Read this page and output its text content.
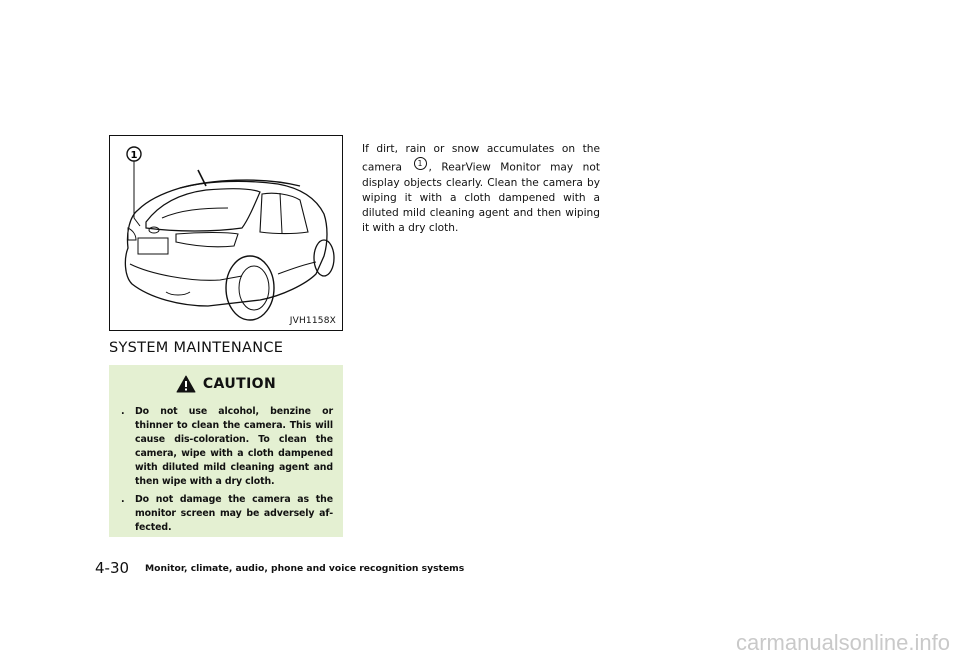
1
JVH1158X
SYSTEM MAINTENANCE
CAUTION
. Do not use alcohol, benzine or thinner to clean the camera. This will cause dis-coloration. To clean the camera, wipe with a cloth dampened with diluted mild cleaning agent and then wipe with a dry cloth.
. Do not damage the camera as the monitor screen may be adversely af-fected.

If dirt, rain or snow accumulates on the camera 1 , RearView Monitor may not display objects clearly. Clean the camera by wiping it with a cloth dampened with a diluted mild cleaning agent and then wiping it with a dry cloth.

4-30 Monitor, climate, audio, phone and voice recognition systems
carmanualsonline.info
